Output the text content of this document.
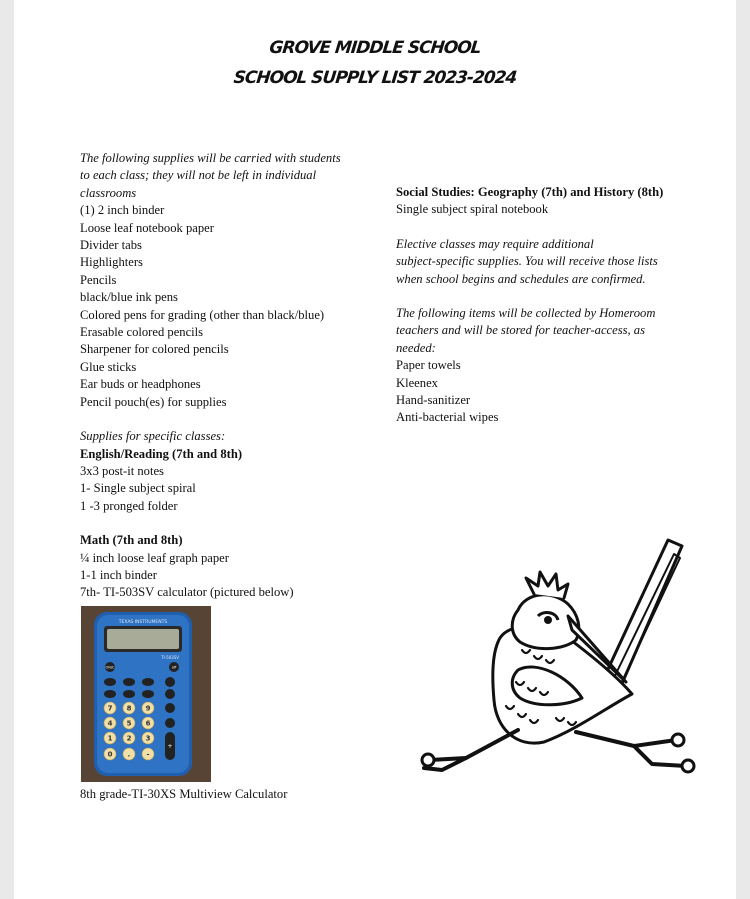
GROVE MIDDLE SCHOOL
SCHOOL SUPPLY LIST 2023-2024
The following supplies will be carried with students
to each class; they will not be left in individual
classrooms
(1) 2 inch binder
Loose leaf notebook paper
Divider tabs
Highlighters
Pencils
black/blue ink pens
Colored pens for grading (other than black/blue)
Erasable colored pencils
Sharpener for colored pencils
Glue sticks
Ear buds or headphones
Pencil pouch(es) for supplies
Supplies for specific classes:
English/Reading (7th and 8th)
3x3 post-it notes
1- Single subject spiral
1 -3 pronged folder
Math (7th and 8th)
¼ inch loose leaf graph paper
1-1 inch binder
7th- TI-503SV calculator (pictured below)
TEXAS INSTRUMENTS
TI-503SV
ON/C	off
7 8 9
4 5 6
1 2 3
0 . -
+
8th grade-TI-30XS Multiview Calculator
Social Studies: Geography (7th) and History (8th)
Single subject spiral notebook
Elective classes may require additional
subject-specific supplies. You will receive those lists
when school begins and schedules are confirmed.
The following items will be collected by Homeroom
teachers and will be stored for teacher-access, as
needed:
Paper towels
Kleenex
Hand-sanitizer
Anti-bacterial wipes
